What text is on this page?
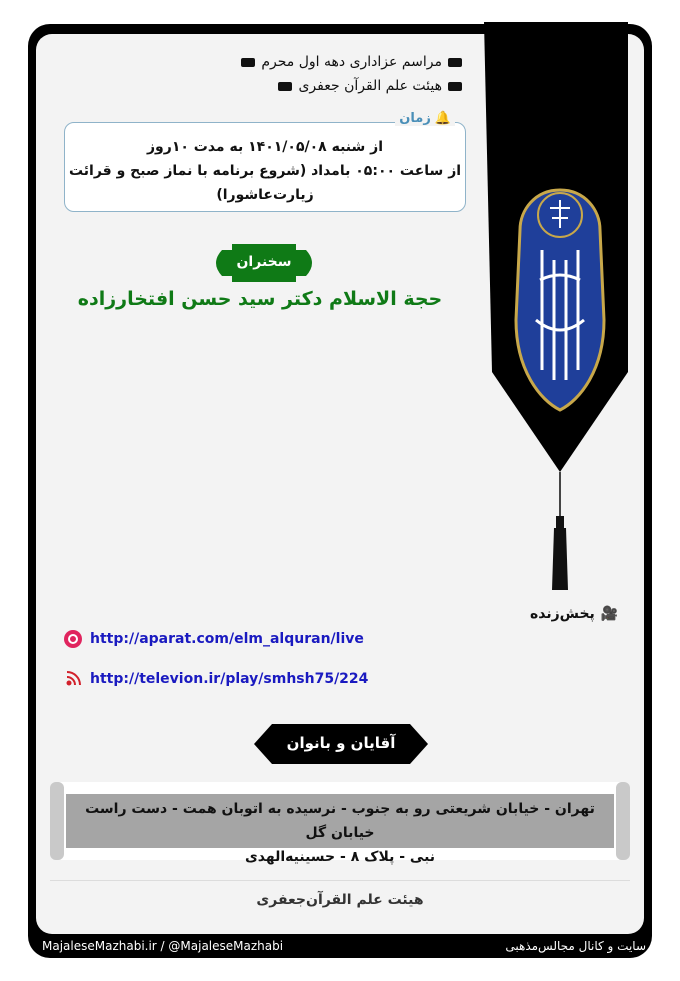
مراسم عزاداری دهه اول محرم
هیئت علم القرآن جعفری
🔔
زمان
از شنبه ۱۴۰۱/۰۵/۰۸ به مدت ۱۰روز
از ساعت ۰۵:۰۰ بامداد (شروع برنامه با نماز صبح و قرائت
زیارت‌عاشورا)
سخنران
حجة الاسلام دکتر سید حسن افتخارزاده
🎥
پخش‌زنده
http://aparat.com/elm_alquran/live
http://televion.ir/play/smhsh75/224
آقایان و بانوان
تهران - خیابان شریعتی رو به جنوب - نرسیده به اتوبان همت - دست راست خیابان گل
نبی - پلاک ۸ - حسینیه‌الهدی
هیئت علم القرآن‌جعفری
MajaleseMazhabi.ir / @MajaleseMazhabi	سایت و کانال مجالس‌مذهبی
